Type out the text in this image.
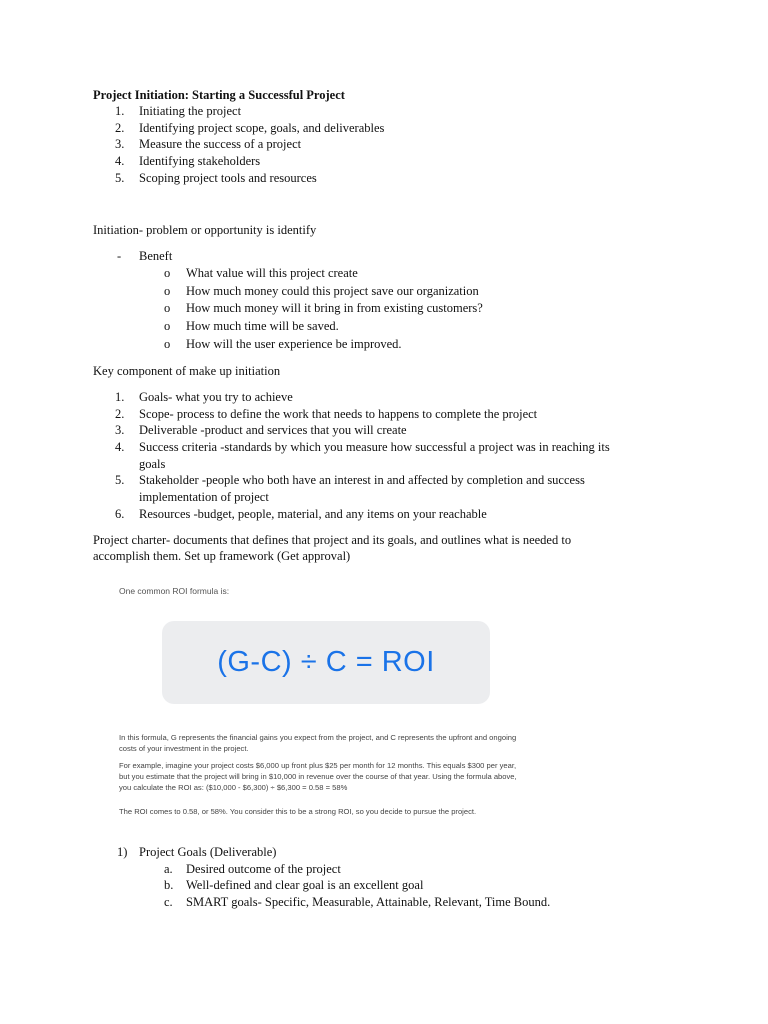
Project Initiation: Starting a Successful Project
1. Initiating the project
2. Identifying project scope, goals, and deliverables
3. Measure the success of a project
4. Identifying stakeholders
5. Scoping project tools and resources
Initiation- problem or opportunity is identify
- Beneft
o What value will this project create
o How much money could this project save our organization
o How much money will it bring in from existing customers?
o How much time will be saved.
o How will the user experience be improved.
Key component of make up initiation
1. Goals- what you try to achieve
2. Scope- process to define the work that needs to happens to complete the project
3. Deliverable -product and services that you will create
4. Success criteria -standards by which you measure how successful a project was in reaching its
goals
5. Stakeholder -people who both have an interest in and affected by completion and success
implementation of project
6. Resources -budget, people, material, and any items on your reachable
Project charter- documents that defines that project and its goals, and outlines what is needed to
accomplish them. Set up framework (Get approval)
One common ROI formula is:
(G-C) ÷ C = ROI
In this formula, G represents the financial gains you expect from the project, and C represents the upfront and ongoing
costs of your investment in the project.
For example, imagine your project costs $6,000 up front plus $25 per month for 12 months. This equals $300 per year,
but you estimate that the project will bring in $10,000 in revenue over the course of that year. Using the formula above,
you calculate the ROI as: ($10,000 - $6,300) ÷ $6,300 = 0.58 = 58%
The ROI comes to 0.58, or 58%. You consider this to be a strong ROI, so you decide to pursue the project.
1) Project Goals (Deliverable)
a. Desired outcome of the project
b. Well-defined and clear goal is an excellent goal
c. SMART goals- Specific, Measurable, Attainable, Relevant, Time Bound.
